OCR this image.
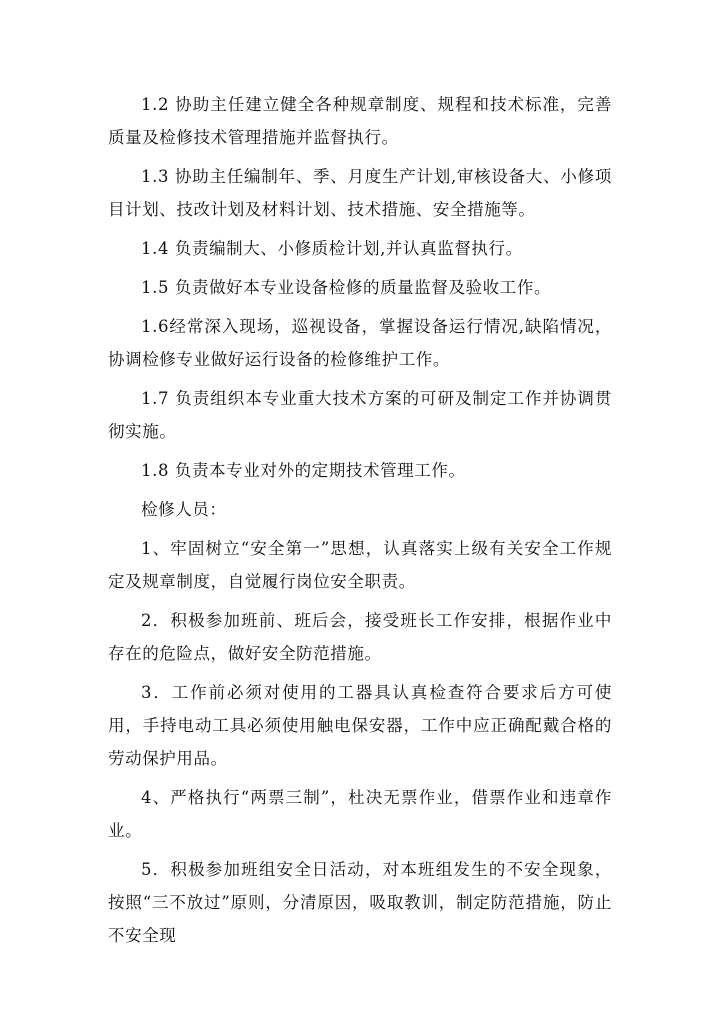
1.2 协助主任建立健全各种规章制度、规程和技术标准，完善质量及检修技术管理措施并监督执行。

1.3 协助主任编制年、季、月度生产计划,审核设备大、小修项目计划、技改计划及材料计划、技术措施、安全措施等。

1.4 负责编制大、小修质检计划,并认真监督执行。

1.5 负责做好本专业设备检修的质量监督及验收工作。

1.6经常深入现场，巡视设备，掌握设备运行情况,缺陷情况，协调检修专业做好运行设备的检修维护工作。

1.7 负责组织本专业重大技术方案的可研及制定工作并协调贯彻实施。

1.8 负责本专业对外的定期技术管理工作。

检修人员：

1、牢固树立“安全第一”思想，认真落实上级有关安全工作规定及规章制度，自觉履行岗位安全职责。

2．积极参加班前、班后会，接受班长工作安排，根据作业中存在的危险点，做好安全防范措施。

3．工作前必须对使用的工器具认真检查符合要求后方可使用，手持电动工具必须使用触电保安器，工作中应正确配戴合格的劳动保护用品。

4、严格执行“两票三制”，杜决无票作业，借票作业和违章作业。

5．积极参加班组安全日活动，对本班组发生的不安全现象，按照“三不放过”原则，分清原因，吸取教训，制定防范措施，防止不安全现
